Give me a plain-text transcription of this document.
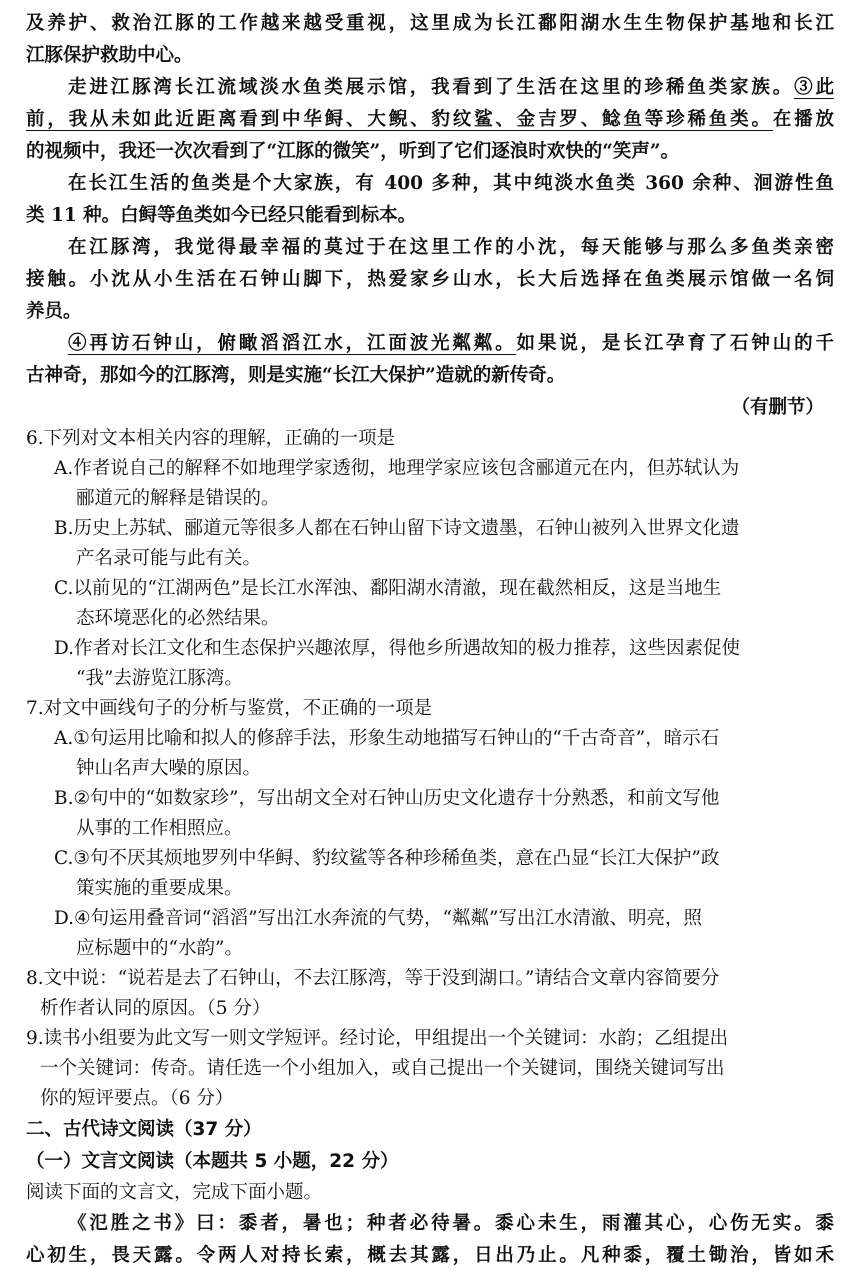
及养护、救治江豚的工作越来越受重视，这里成为长江鄱阳湖水生生物保护基地和长江
江豚保护救助中心。
走进江豚湾长江流域淡水鱼类展示馆，我看到了生活在这里的珍稀鱼类家族。③此
前，我从未如此近距离看到中华鲟、大鲵、豹纹鲨、金吉罗、鲶鱼等珍稀鱼类。在播放
的视频中，我还一次次看到了“江豚的微笑”，听到了它们逐浪时欢快的“笑声”。
在长江生活的鱼类是个大家族，有 400 多种，其中纯淡水鱼类 360 余种、洄游性鱼
类 11 种。白鲟等鱼类如今已经只能看到标本。
在江豚湾，我觉得最幸福的莫过于在这里工作的小沈，每天能够与那么多鱼类亲密
接触。小沈从小生活在石钟山脚下，热爱家乡山水，长大后选择在鱼类展示馆做一名饲
养员。
④再访石钟山，俯瞰滔滔江水，江面波光粼粼。如果说，是长江孕育了石钟山的千
古神奇，那如今的江豚湾，则是实施“长江大保护”造就的新传奇。
（有删节）
6.下列对文本相关内容的理解，正确的一项是
A.作者说自己的解释不如地理学家透彻，地理学家应该包含郦道元在内，但苏轼认为
郦道元的解释是错误的。
B.历史上苏轼、郦道元等很多人都在石钟山留下诗文遗墨，石钟山被列入世界文化遗
产名录可能与此有关。
C.以前见的“江湖两色”是长江水浑浊、鄱阳湖水清澈，现在截然相反，这是当地生
态环境恶化的必然结果。
D.作者对长江文化和生态保护兴趣浓厚，得他乡所遇故知的极力推荐，这些因素促使
“我”去游览江豚湾。
7.对文中画线句子的分析与鉴赏，不正确的一项是
A.①句运用比喻和拟人的修辞手法，形象生动地描写石钟山的“千古奇音”，暗示石
钟山名声大噪的原因。
B.②句中的“如数家珍”，写出胡文全对石钟山历史文化遗存十分熟悉，和前文写他
从事的工作相照应。
C.③句不厌其烦地罗列中华鲟、豹纹鲨等各种珍稀鱼类，意在凸显“长江大保护”政
策实施的重要成果。
D.④句运用叠音词“滔滔”写出江水奔流的气势，“粼粼”写出江水清澈、明亮，照
应标题中的“水韵”。
8.文中说：“说若是去了石钟山，不去江豚湾，等于没到湖口。”请结合文章内容简要分
析作者认同的原因。（5 分）
9.读书小组要为此文写一则文学短评。经讨论，甲组提出一个关键词：水韵；乙组提出
一个关键词：传奇。请任选一个小组加入，或自己提出一个关键词，围绕关键词写出
你的短评要点。（6 分）
二、古代诗文阅读（37 分）
（一）文言文阅读（本题共 5 小题，22 分）
阅读下面的文言文，完成下面小题。
《氾胜之书》曰：黍者，暑也；种者必待暑。黍心未生，雨灌其心，心伤无实。黍
心初生，畏天露。令两人对持长索，概去其露，日出乃止。凡种黍，覆土锄治，皆如禾
